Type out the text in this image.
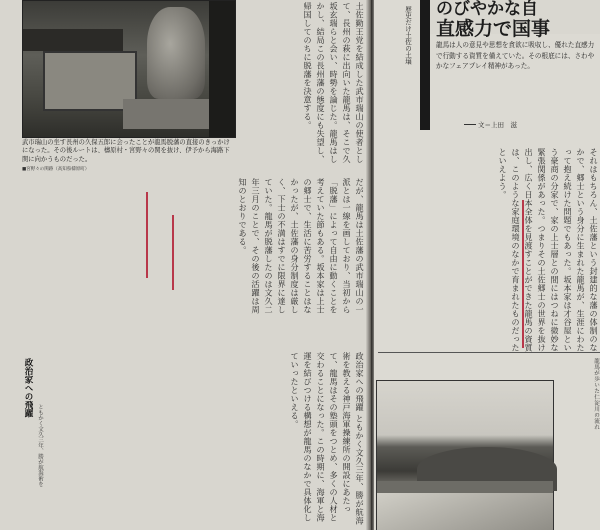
武市瑞山の坐す長州の久保五郎に会ったことが龍馬脱藩の直接のきっかけになった。その後ルートは、檮原村・宮野々の関を抜け、伊予から海路下関に向かうものだった。
■宮野々の関跡（高知県檮原町）
土佐勤王党を結成した武市瑞山の使者として、長州の萩に出向いた龍馬は、そこで久坂玄瑞らと会い、時勢を論じた。龍馬はしかし、結局この長州藩の態度にも失望し、帰国してのちに脱藩を決意する。
だが、龍馬は土佐藩の武市瑞山の一派とは一線を画しており、当初から「脱藩」によって自由に動くことを考えていた節もある。坂本家は上士の郷士で、生活に苦労することはなかったが、土佐藩の身分制度は厳しく、下士の不満はすでに限界に達していた。龍馬が脱藩したのは文久二年三月のことで、その後の活躍は周知のとおりである。
政治家への飛躍
ともかく文久三年、勝が航海術を	政治家への飛躍 ともかく文久三年、勝が航海術を教える神戸海軍操練所の開設にあたって、龍馬はその塾頭をつとめ、多くの人材と交わることになった。この時期に、海軍と海運を結びつける構想が龍馬のなかで具体化していったといえる。
歴史だけ土佐の土壌 のびやかな自
直感力で国事
龍馬は人の意見や思想を貪欲に吸収し、優れた直感力で行動する資質を備えていた。その根底には、さわやかなフェアプレイ精神があった。
文＝上田　滋
それはもちろん、土佐藩という封建的な藩の体制のなかで、郷士という身分に生まれた龍馬が、生涯にわたって抱え続けた問題でもあった。坂本家は才谷屋という豪商の分家で、家の上士層との間にはつねに微妙な緊張関係があった。つまりその土佐郷士の世界を抜け出し、広く日本全体を見渡すことができた龍馬の資質は、このような家庭環境のなかで育まれたものだったといえよう。
龍馬が歩いた仁淀川の流れ
